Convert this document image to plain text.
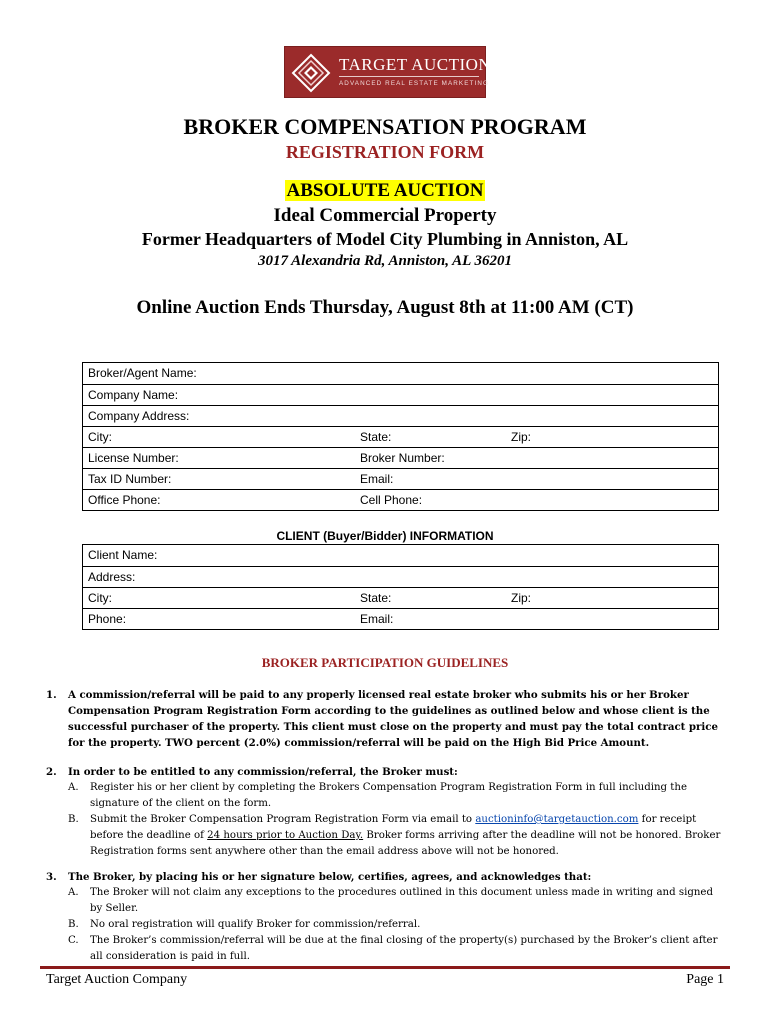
TARGET AUCTION
ADVANCED REAL ESTATE MARKETING
BROKER COMPENSATION PROGRAM
REGISTRATION FORM
ABSOLUTE AUCTION
Ideal Commercial Property
Former Headquarters of Model City Plumbing in Anniston, AL
3017 Alexandria Rd, Anniston, AL 36201
Online Auction Ends Thursday, August 8th at 11:00 AM (CT)
Broker/Agent Name:
Company Name:
Company Address:
City:	State:	Zip:
License Number:	Broker Number:
Tax ID Number:	Email:
Office Phone:	Cell Phone:
CLIENT (Buyer/Bidder) INFORMATION
Client Name:
Address:
City:	State:	Zip:
Phone:	Email:
BROKER PARTICIPATION GUIDELINES
1. A commission/referral will be paid to any properly licensed real estate broker who submits his or her Broker Compensation Program Registration Form according to the guidelines as outlined below and whose client is the successful purchaser of the property. This client must close on the property and must pay the total contract price for the property. TWO percent (2.0%) commission/referral will be paid on the High Bid Price Amount.
2. In order to be entitled to any commission/referral, the Broker must:
A. Register his or her client by completing the Brokers Compensation Program Registration Form in full including the signature of the client on the form.
B. Submit the Broker Compensation Program Registration Form via email to auctioninfo@targetauction.com for receipt before the deadline of 24 hours prior to Auction Day. Broker forms arriving after the deadline will not be honored. Broker Registration forms sent anywhere other than the email address above will not be honored.
3. The Broker, by placing his or her signature below, certifies, agrees, and acknowledges that:
A. The Broker will not claim any exceptions to the procedures outlined in this document unless made in writing and signed by Seller.
B. No oral registration will qualify Broker for commission/referral.
C. The Broker’s commission/referral will be due at the final closing of the property(s) purchased by the Broker’s client after all consideration is paid in full.
Target Auction Company	Page 1
